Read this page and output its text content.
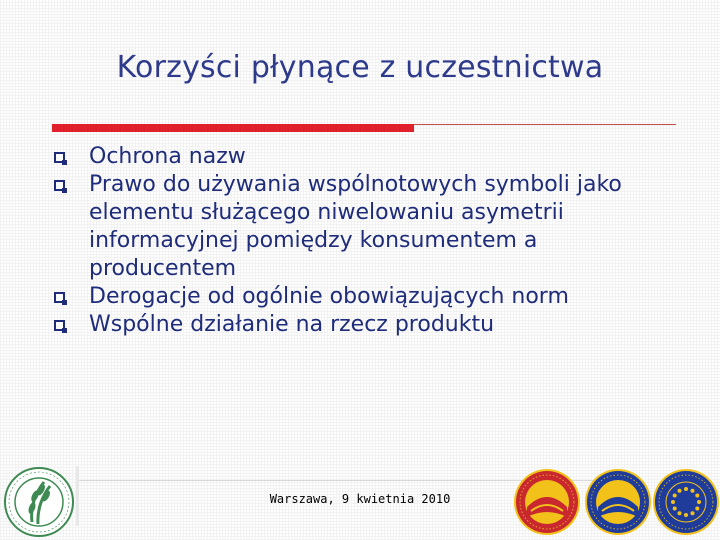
Korzyści płynące z uczestnictwa
Ochrona nazw
Prawo do używania wspólnotowych symboli jako elementu służącego niwelowaniu asymetrii informacyjnej pomiędzy konsumentem a producentem
Derogacje od ogólnie obowiązujących norm
Wspólne działanie na rzecz produktu
Warszawa, 9 kwietnia 2010
